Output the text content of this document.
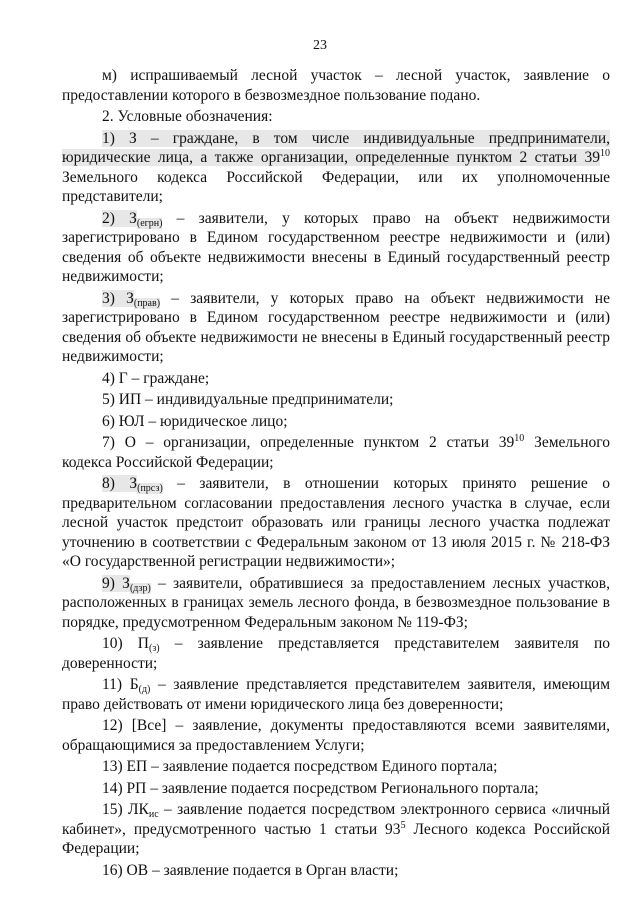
23

м) испрашиваемый лесной участок – лесной участок, заявление о предоставлении которого в безвозмездное пользование подано.

2. Условные обозначения:

1) З – граждане, в том числе индивидуальные предприниматели, юридические лица, а также организации, определенные пунктом 2 статьи $39^{10}$ Земельного кодекса Российской Федерации, или их уполномоченные представители;

2) $З_{(егрн)}$ – заявители, у которых право на объект недвижимости зарегистрировано в Едином государственном реестре недвижимости и (или) сведения об объекте недвижимости внесены в Единый государственный реестр недвижимости;

3) $З_{(прав)}$ – заявители, у которых право на объект недвижимости не зарегистрировано в Едином государственном реестре недвижимости и (или) сведения об объекте недвижимости не внесены в Единый государственный реестр недвижимости;

4) Г – граждане;

5) ИП – индивидуальные предприниматели;

6) ЮЛ – юридическое лицо;

7) О – организации, определенные пунктом 2 статьи $39^{10}$ Земельного кодекса Российской Федерации;

8) $З_{(прсз)}$ – заявители, в отношении которых принято решение о предварительном согласовании предоставления лесного участка в случае, если лесной участок предстоит образовать или границы лесного участка подлежат уточнению в соответствии с Федеральным законом от 13 июля 2015 г. № 218-ФЗ «О государственной регистрации недвижимости»;

9) $З_{(дзр)}$ – заявители, обратившиеся за предоставлением лесных участков, расположенных в границах земель лесного фонда, в безвозмездное пользование в порядке, предусмотренном Федеральным законом № 119-ФЗ;

10) $П_{(з)}$ – заявление представляется представителем заявителя по доверенности;

11) $Б_{(д)}$ – заявление представляется представителем заявителя, имеющим право действовать от имени юридического лица без доверенности;

12) [Все] – заявление, документы предоставляются всеми заявителями, обращающимися за предоставлением Услуги;

13) ЕП – заявление подается посредством Единого портала;

14) РП – заявление подается посредством Регионального портала;

15) $ЛК_{ис}$ – заявление подается посредством электронного сервиса «личный кабинет», предусмотренного частью 1 статьи $93^5$ Лесного кодекса Российской Федерации;

16) ОВ – заявление подается в Орган власти;
